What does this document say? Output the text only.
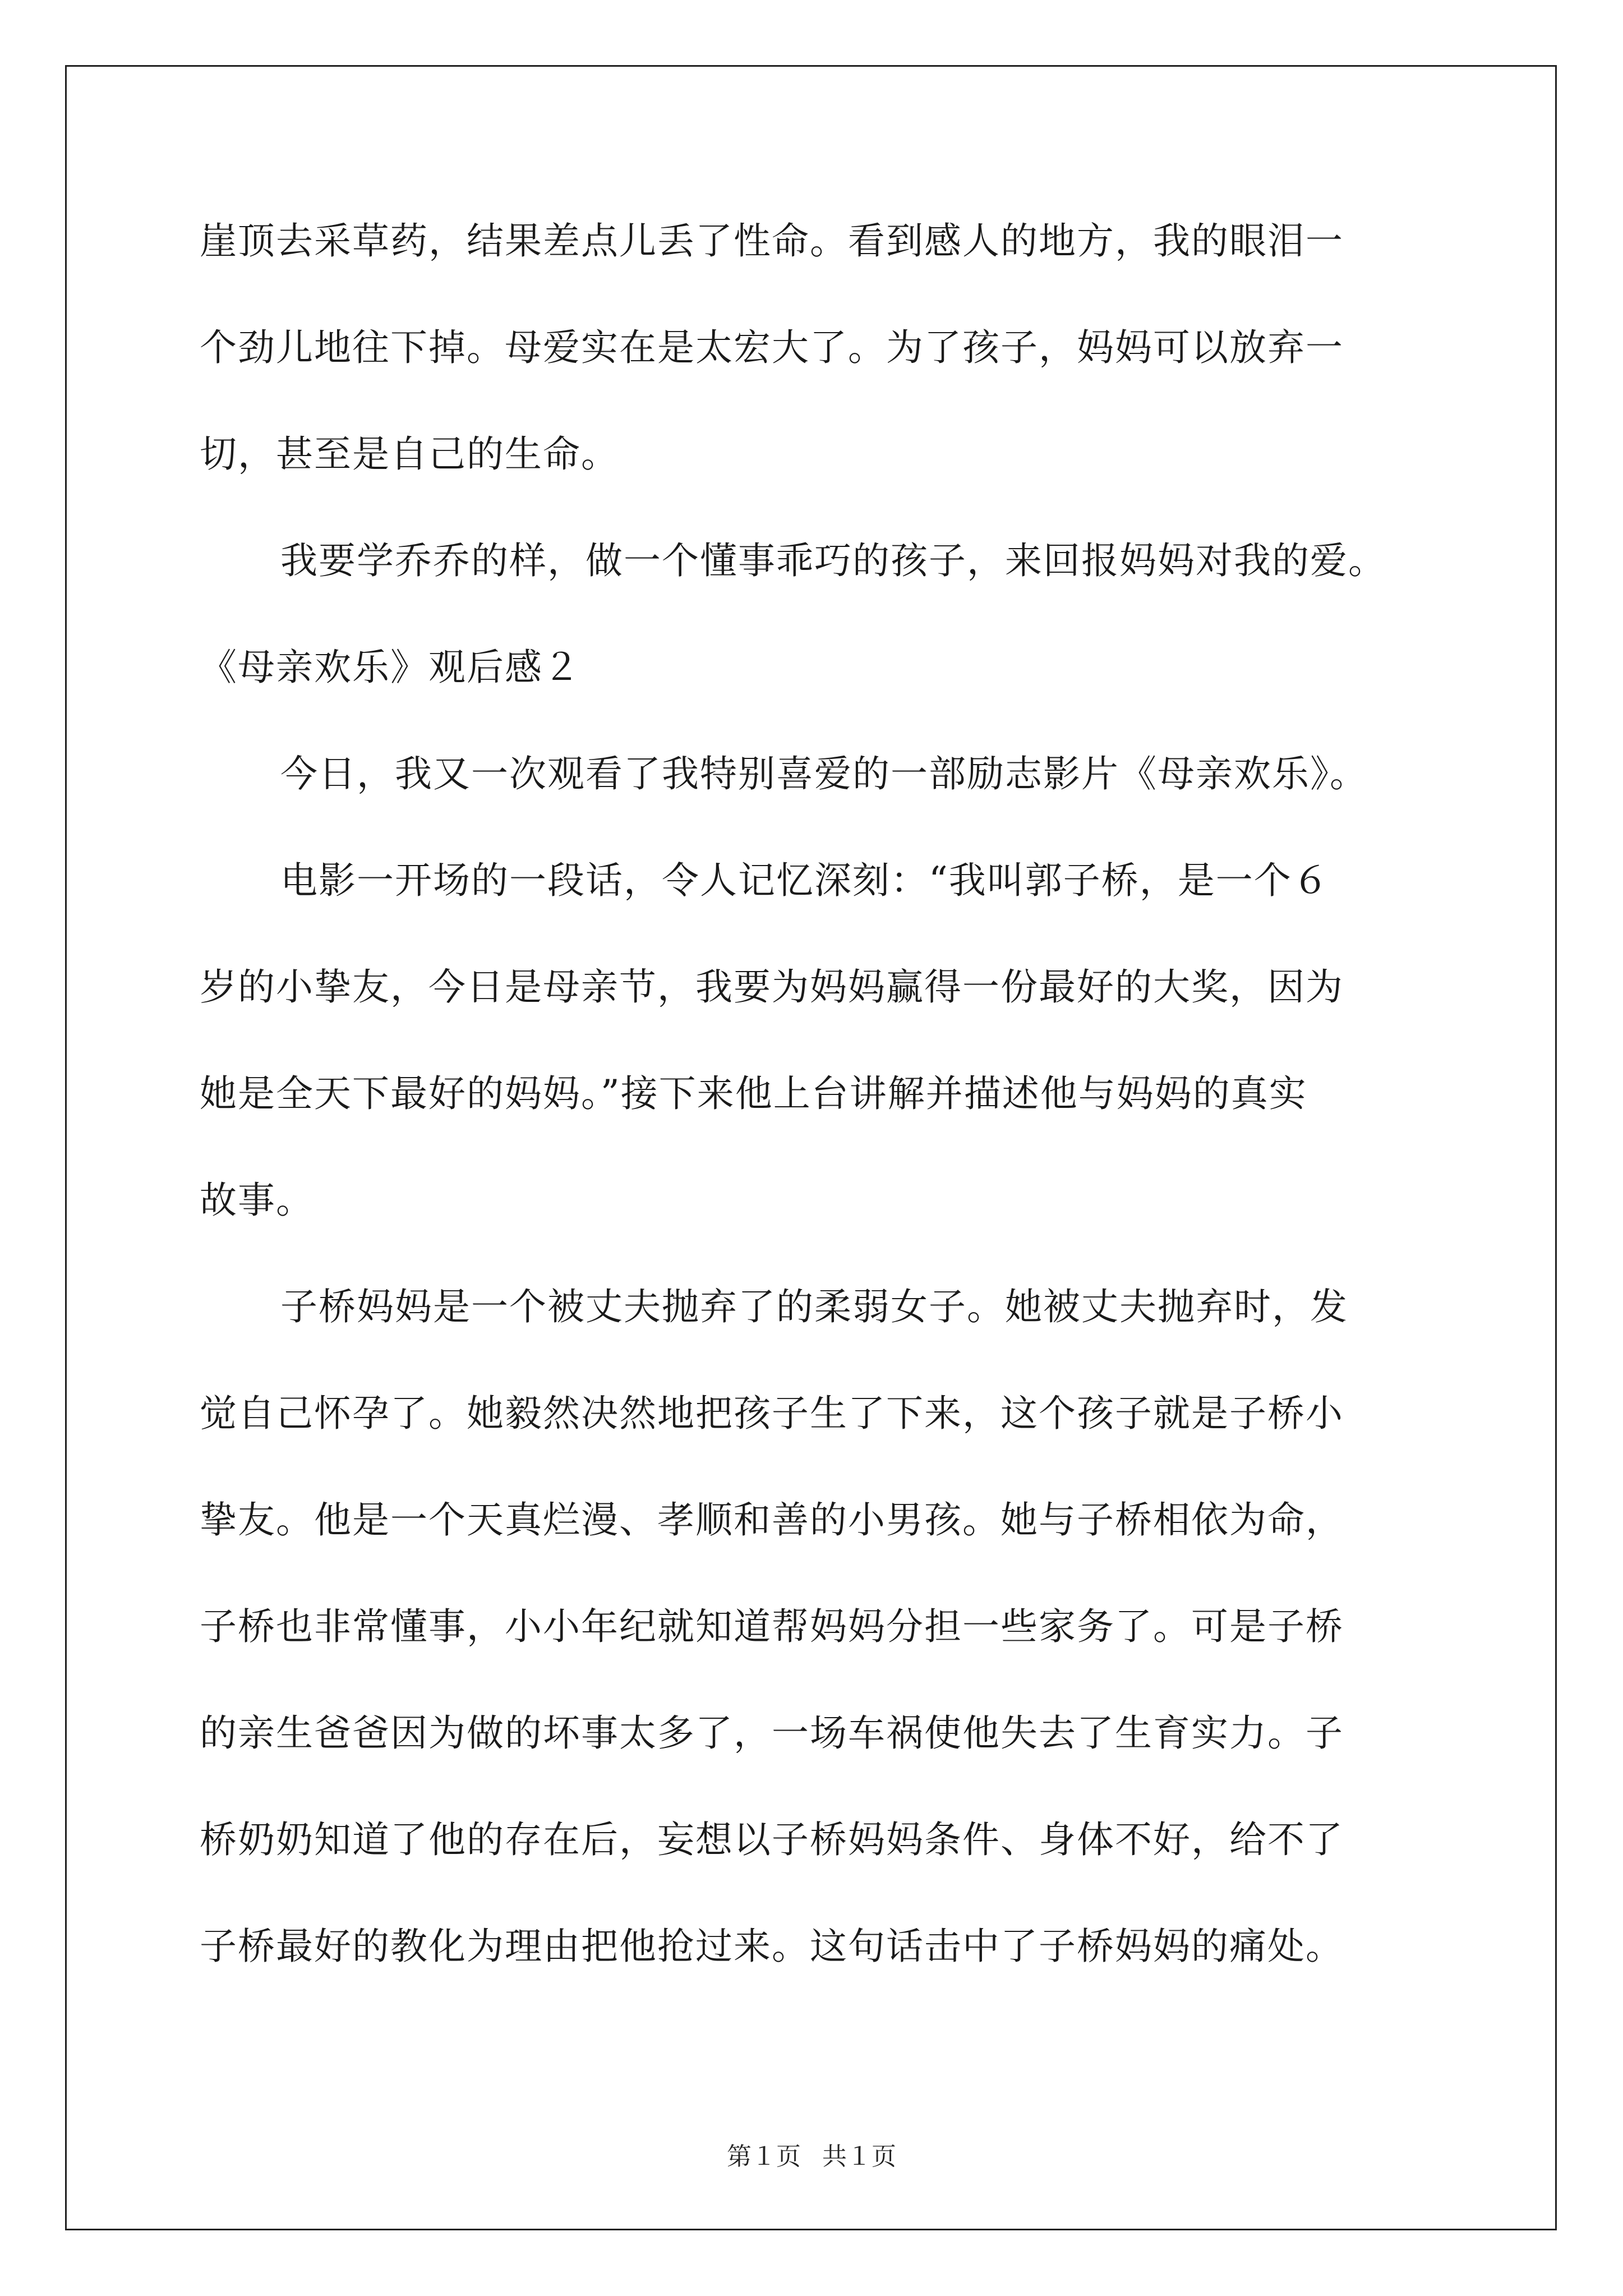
崖顶去采草药，结果差点儿丢了性命。看到感人的地方，我的眼泪一
个劲儿地往下掉。母爱实在是太宏大了。为了孩子，妈妈可以放弃一
切，甚至是自己的生命。
我要学乔乔的样，做一个懂事乖巧的孩子，来回报妈妈对我的爱。
《母亲欢乐》观后感２
今日，我又一次观看了我特别喜爱的一部励志影片《母亲欢乐》。
电影一开场的一段话，令人记忆深刻：“我叫郭子桥，是一个６
岁的小挚友，今日是母亲节，我要为妈妈赢得一份最好的大奖，因为
她是全天下最好的妈妈。”接下来他上台讲解并描述他与妈妈的真实
故事。
子桥妈妈是一个被丈夫抛弃了的柔弱女子。她被丈夫抛弃时，发
觉自己怀孕了。她毅然决然地把孩子生了下来，这个孩子就是子桥小
挚友。他是一个天真烂漫、孝顺和善的小男孩。她与子桥相依为命，
子桥也非常懂事，小小年纪就知道帮妈妈分担一些家务了。可是子桥
的亲生爸爸因为做的坏事太多了，一场车祸使他失去了生育实力。子
桥奶奶知道了他的存在后，妄想以子桥妈妈条件、身体不好，给不了
子桥最好的教化为理由把他抢过来。这句话击中了子桥妈妈的痛处。
第１页 共１页
